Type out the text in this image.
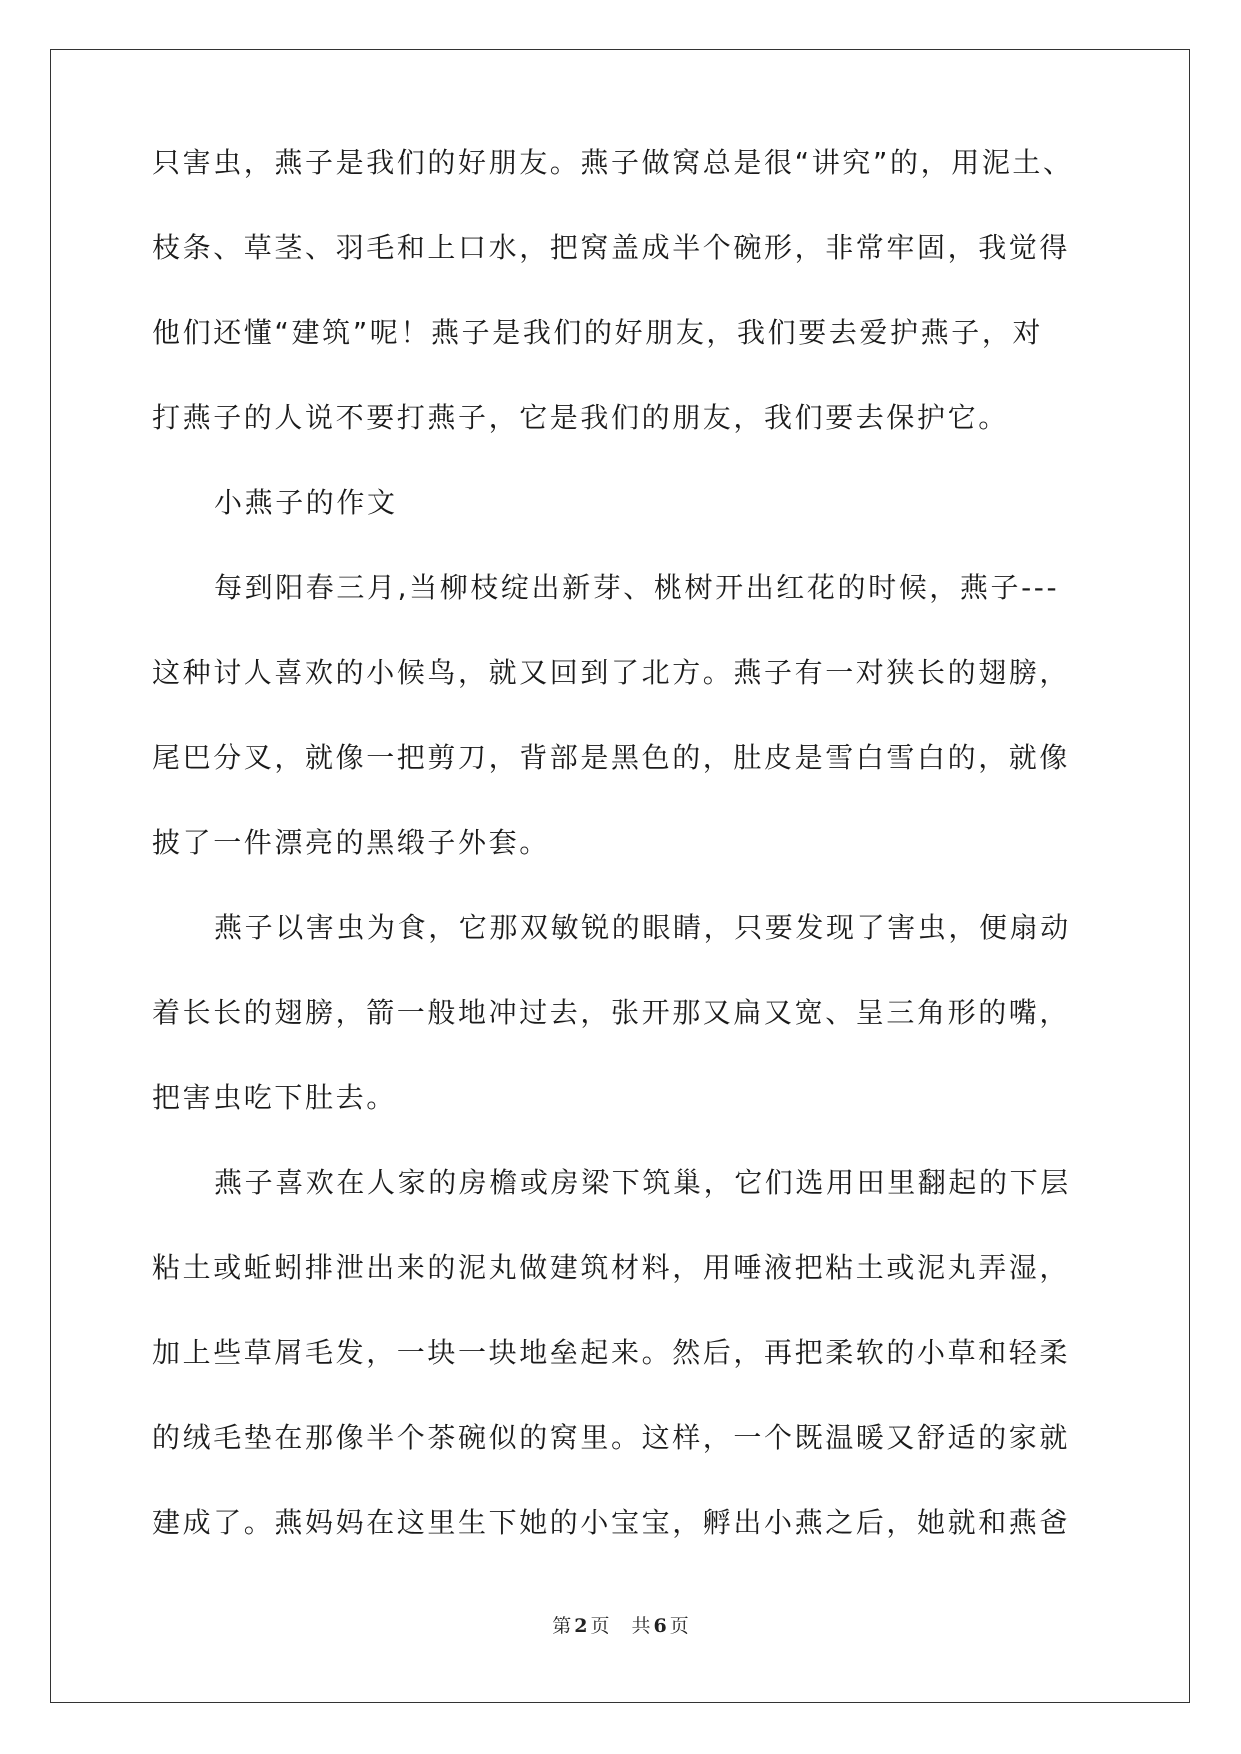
只害虫，燕子是我们的好朋友。燕子做窝总是很“讲究”的，用泥土、
枝条、草茎、羽毛和上口水，把窝盖成半个碗形，非常牢固，我觉得
他们还懂“建筑”呢！燕子是我们的好朋友，我们要去爱护燕子，对
打燕子的人说不要打燕子，它是我们的朋友，我们要去保护它。
小燕子的作文
每到阳春三月,当柳枝绽出新芽、桃树开出红花的时候，燕子---
这种讨人喜欢的小候鸟，就又回到了北方。燕子有一对狭长的翅膀，
尾巴分叉，就像一把剪刀，背部是黑色的，肚皮是雪白雪白的，就像
披了一件漂亮的黑缎子外套。
燕子以害虫为食，它那双敏锐的眼睛，只要发现了害虫，便扇动
着长长的翅膀，箭一般地冲过去，张开那又扁又宽、呈三角形的嘴，
把害虫吃下肚去。
燕子喜欢在人家的房檐或房梁下筑巢，它们选用田里翻起的下层
粘土或蚯蚓排泄出来的泥丸做建筑材料，用唾液把粘土或泥丸弄湿，
加上些草屑毛发，一块一块地垒起来。然后，再把柔软的小草和轻柔
的绒毛垫在那像半个茶碗似的窝里。这样，一个既温暖又舒适的家就
建成了。燕妈妈在这里生下她的小宝宝，孵出小燕之后，她就和燕爸
第 2 页 共 6 页
